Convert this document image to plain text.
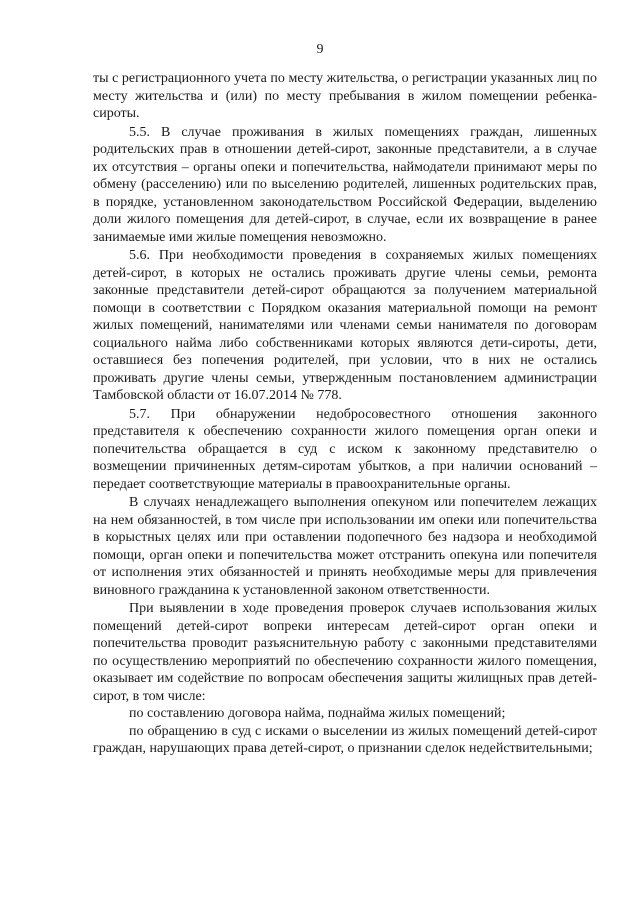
9

ты с регистрационного учета по месту жительства, о регистрации указанных лиц по месту жительства и (или) по месту пребывания в жилом помещении ребенка-сироты.

5.5. В случае проживания в жилых помещениях граждан, лишенных родительских прав в отношении детей-сирот, законные представители, а в случае их отсутствия – органы опеки и попечительства, наймодатели принимают меры по обмену (расселению) или по выселению родителей, лишенных родительских прав, в порядке, установленном законодательством Российской Федерации, выделению доли жилого помещения для детей-сирот, в случае, если их возвращение в ранее занимаемые ими жилые помещения невозможно.

5.6. При необходимости проведения в сохраняемых жилых помещениях детей-сирот, в которых не остались проживать другие члены семьи, ремонта законные представители детей-сирот обращаются за получением материальной помощи в соответствии с Порядком оказания материальной помощи на ремонт жилых помещений, нанимателями или членами семьи нанимателя по договорам социального найма либо собственниками которых являются дети-сироты, дети, оставшиеся без попечения родителей, при условии, что в них не остались проживать другие члены семьи, утвержденным постановлением администрации Тамбовской области от 16.07.2014 № 778.

5.7. При обнаружении недобросовестного отношения законного представителя к обеспечению сохранности жилого помещения орган опеки и попечительства обращается в суд с иском к законному представителю о возмещении причиненных детям-сиротам убытков, а при наличии оснований – передает соответствующие материалы в правоохранительные органы.

В случаях ненадлежащего выполнения опекуном или попечителем лежащих на нем обязанностей, в том числе при использовании им опеки или попечительства в корыстных целях или при оставлении подопечного без надзора и необходимой помощи, орган опеки и попечительства может отстранить опекуна или попечителя от исполнения этих обязанностей и принять необходимые меры для привлечения виновного гражданина к установленной законом ответственности.

При выявлении в ходе проведения проверок случаев использования жилых помещений детей-сирот вопреки интересам детей-сирот орган опеки и попечительства проводит разъяснительную работу с законными представителями по осуществлению мероприятий по обеспечению сохранности жилого помещения, оказывает им содействие по вопросам обеспечения защиты жилищных прав детей-сирот, в том числе:

по составлению договора найма, поднайма жилых помещений;

по обращению в суд с исками о выселении из жилых помещений детей-сирот граждан, нарушающих права детей-сирот, о признании сделок недействительными;
